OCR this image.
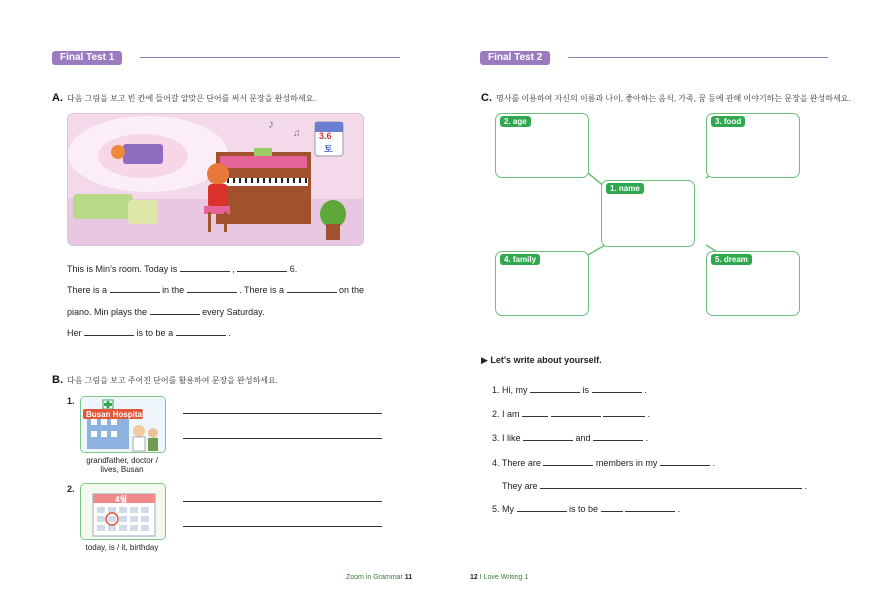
Final Test 1
A. 다음 그림을 보고 빈 칸에 들어갈 알맞은 단어를 써서 문장을 완성하세요.
3.6
토
♪
♫
This is Min’s room. Today is	,	6.
There is a	in the	. There is a	on the
piano. Min plays the	every Saturday.
Her	is to be a	.
B. 다음 그림을 보고 주어진 단어를 활용하여 문장을 완성하세요.
1.
Busan Hospital
grandfather, doctor /
lives, Busan
2.
4월
today, is / it, birthday
Zoom in Grammar 11
Final Test 2
C. 명사를 이용하여 자신의 이름과 나이, 좋아하는 음식, 가족, 꿈 등에 관해 이야기하는 문장을 완성하세요.
2. age	3. food
1. name
4. family	5. dream
▶ Let's write about yourself.
1. Hi, my	is	.
2. I am	.
3. I like	and	.
4. There are	members in my	.
They are	.
5. My	is to be	.
12 I Love Writing 1
